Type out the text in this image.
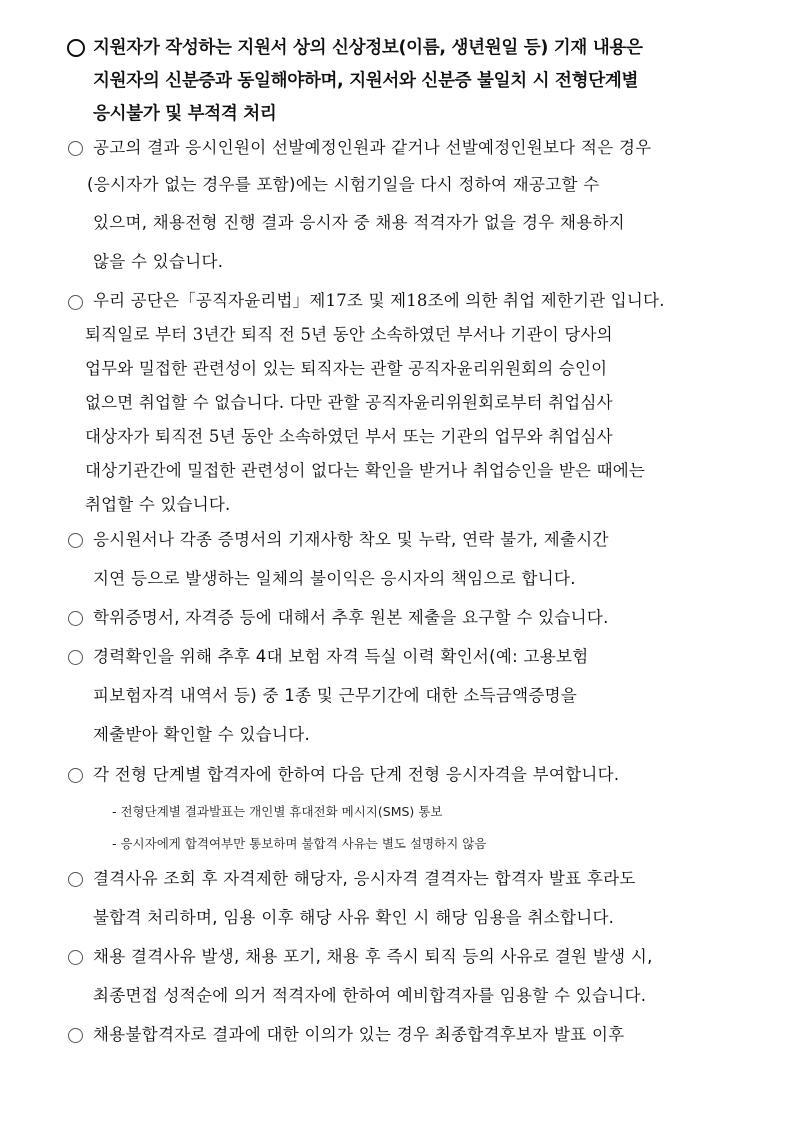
지원자가 작성하는 지원서 상의 신상정보(이름, 생년원일 등) 기재 내용은
지원자의 신분증과 동일해야하며, 지원서와 신분증 불일치 시 전형단계별
응시불가 및 부적격 처리
공고의 결과 응시인원이 선발예정인원과 같거나 선발예정인원보다 적은 경우
(응시자가 없는 경우를 포함)에는 시험기일을 다시 정하여 재공고할 수
있으며, 채용전형 진행 결과 응시자 중 채용 적격자가 없을 경우 채용하지
않을 수 있습니다.
우리 공단은「공직자윤리법」제17조 및 제18조에 의한 취업 제한기관 입니다.
퇴직일로 부터 3년간 퇴직 전 5년 동안 소속하였던 부서나 기관이 당사의
업무와 밀접한 관련성이 있는 퇴직자는 관할 공직자윤리위원회의 승인이
없으면 취업할 수 없습니다. 다만 관할 공직자윤리위원회로부터 취업심사
대상자가 퇴직전 5년 동안 소속하였던 부서 또는 기관의 업무와 취업심사
대상기관간에 밀접한 관련성이 없다는 확인을 받거나 취업승인을 받은 때에는
취업할 수 있습니다.
응시원서나 각종 증명서의 기재사항 착오 및 누락, 연락 불가, 제출시간
지연 등으로 발생하는 일체의 불이익은 응시자의 책임으로 합니다.
학위증명서, 자격증 등에 대해서 추후 원본 제출을 요구할 수 있습니다.
경력확인을 위해 추후 4대 보험 자격 득실 이력 확인서(예: 고용보험
피보험자격 내역서 등) 중 1종 및 근무기간에 대한 소득금액증명을
제출받아 확인할 수 있습니다.
각 전형 단계별 합격자에 한하여 다음 단계 전형 응시자격을 부여합니다.
- 전형단계별 결과발표는 개인별 휴대전화 메시지(SMS) 통보
- 응시자에게 합격여부만 통보하며 불합격 사유는 별도 설명하지 않음
결격사유 조회 후 자격제한 해당자, 응시자격 결격자는 합격자 발표 후라도
불합격 처리하며, 임용 이후 해당 사유 확인 시 해당 임용을 취소합니다.
채용 결격사유 발생, 채용 포기, 채용 후 즉시 퇴직 등의 사유로 결원 발생 시,
최종면접 성적순에 의거 적격자에 한하여 예비합격자를 임용할 수 있습니다.
채용불합격자로 결과에 대한 이의가 있는 경우 최종합격후보자 발표 이후
